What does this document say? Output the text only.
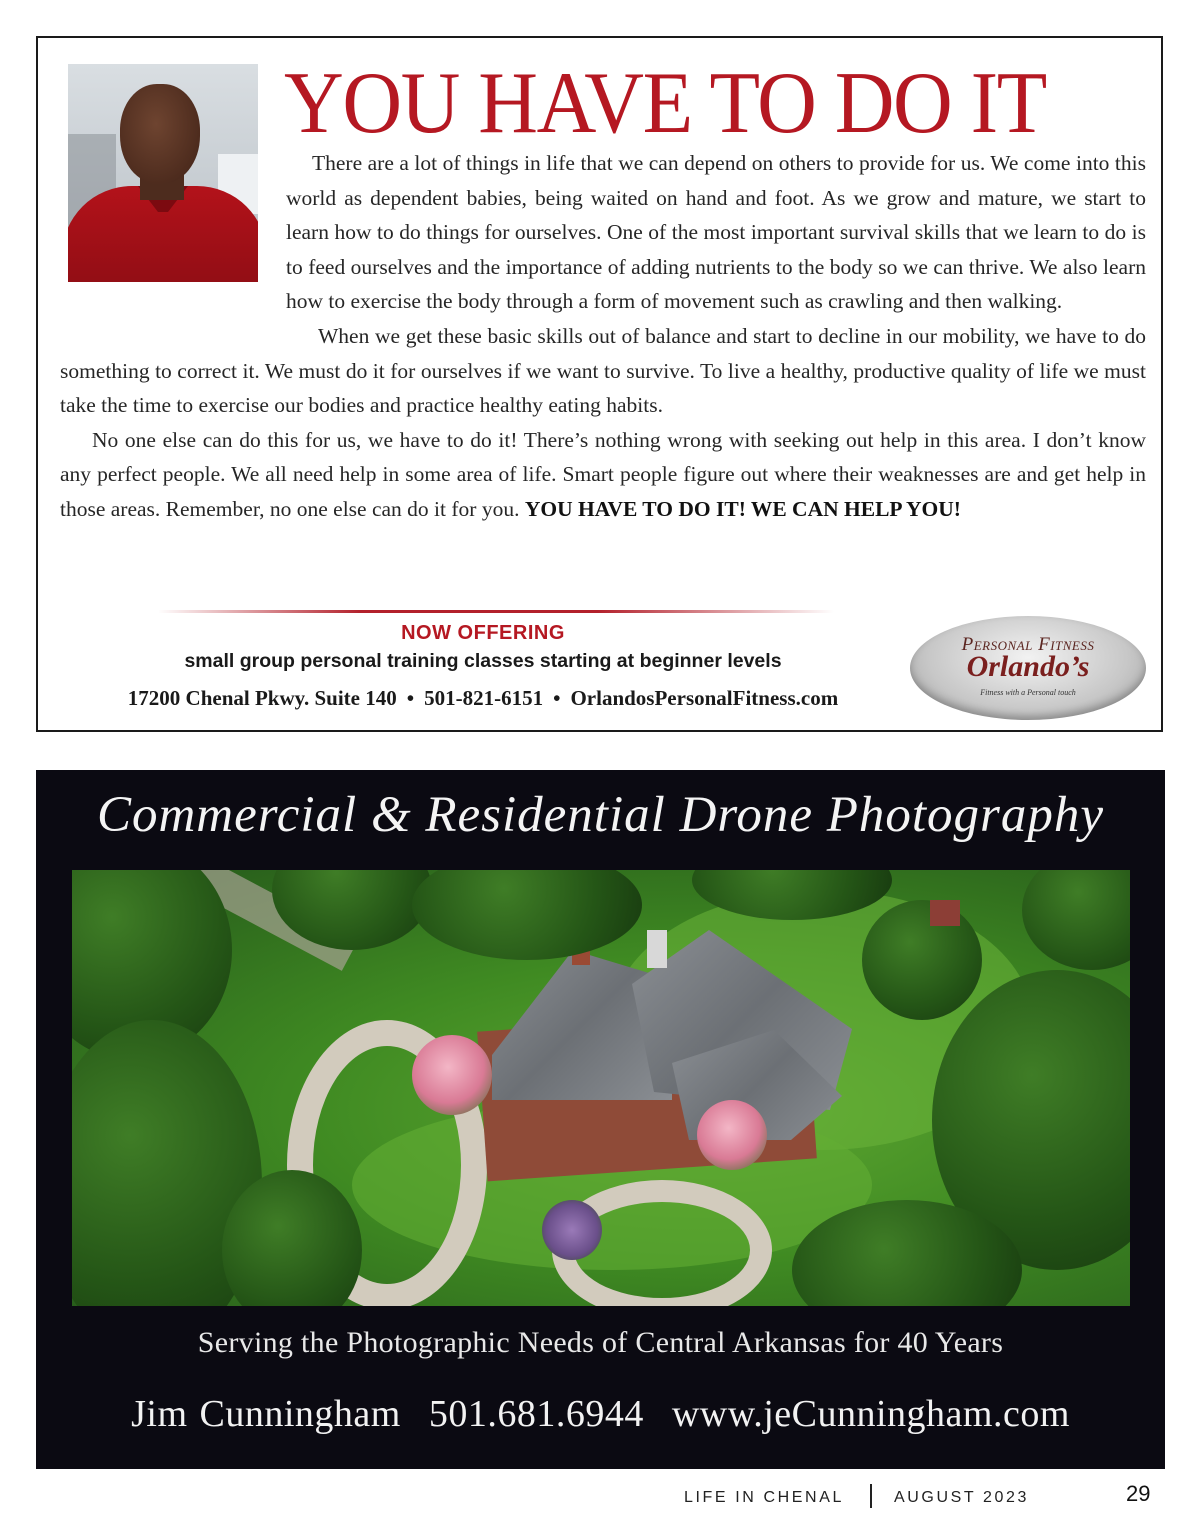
YOU HAVE TO DO IT

There are a lot of things in life that we can depend on others to provide for us. We come into this world as dependent babies, being waited on hand and foot. As we grow and mature, we start to learn how to do things for ourselves. One of the most important survival skills that we learn to do is to feed ourselves and the importance of adding nutrients to the body so we can thrive. We also learn how to exercise the body through a form of movement such as crawling and then walking.

When we get these basic skills out of balance and start to decline in our mobility, we have to do something to correct it. We must do it for ourselves if we want to survive. To live a healthy, productive quality of life we must take the time to exercise our bodies and practice healthy eating habits.

No one else can do this for us, we have to do it! There’s nothing wrong with seeking out help in this area. I don’t know any perfect people. We all need help in some area of life. Smart people figure out where their weaknesses are and get help in those areas. Remember, no one else can do it for you. YOU HAVE TO DO IT! WE CAN HELP YOU!

NOW OFFERING
small group personal training classes starting at beginner levels
17200 Chenal Pkwy. Suite 140 • 501-821-6151 • OrlandosPersonalFitness.com
Personal Fitness
Orlando’s
Fitness with a Personal touch
Commercial & Residential Drone Photography
Serving the Photographic Needs of Central Arkansas for 40 Years
Jim Cunningham 501.681.6944 www.jeCunningham.com
LIFE IN CHENAL	AUGUST 2023	29
